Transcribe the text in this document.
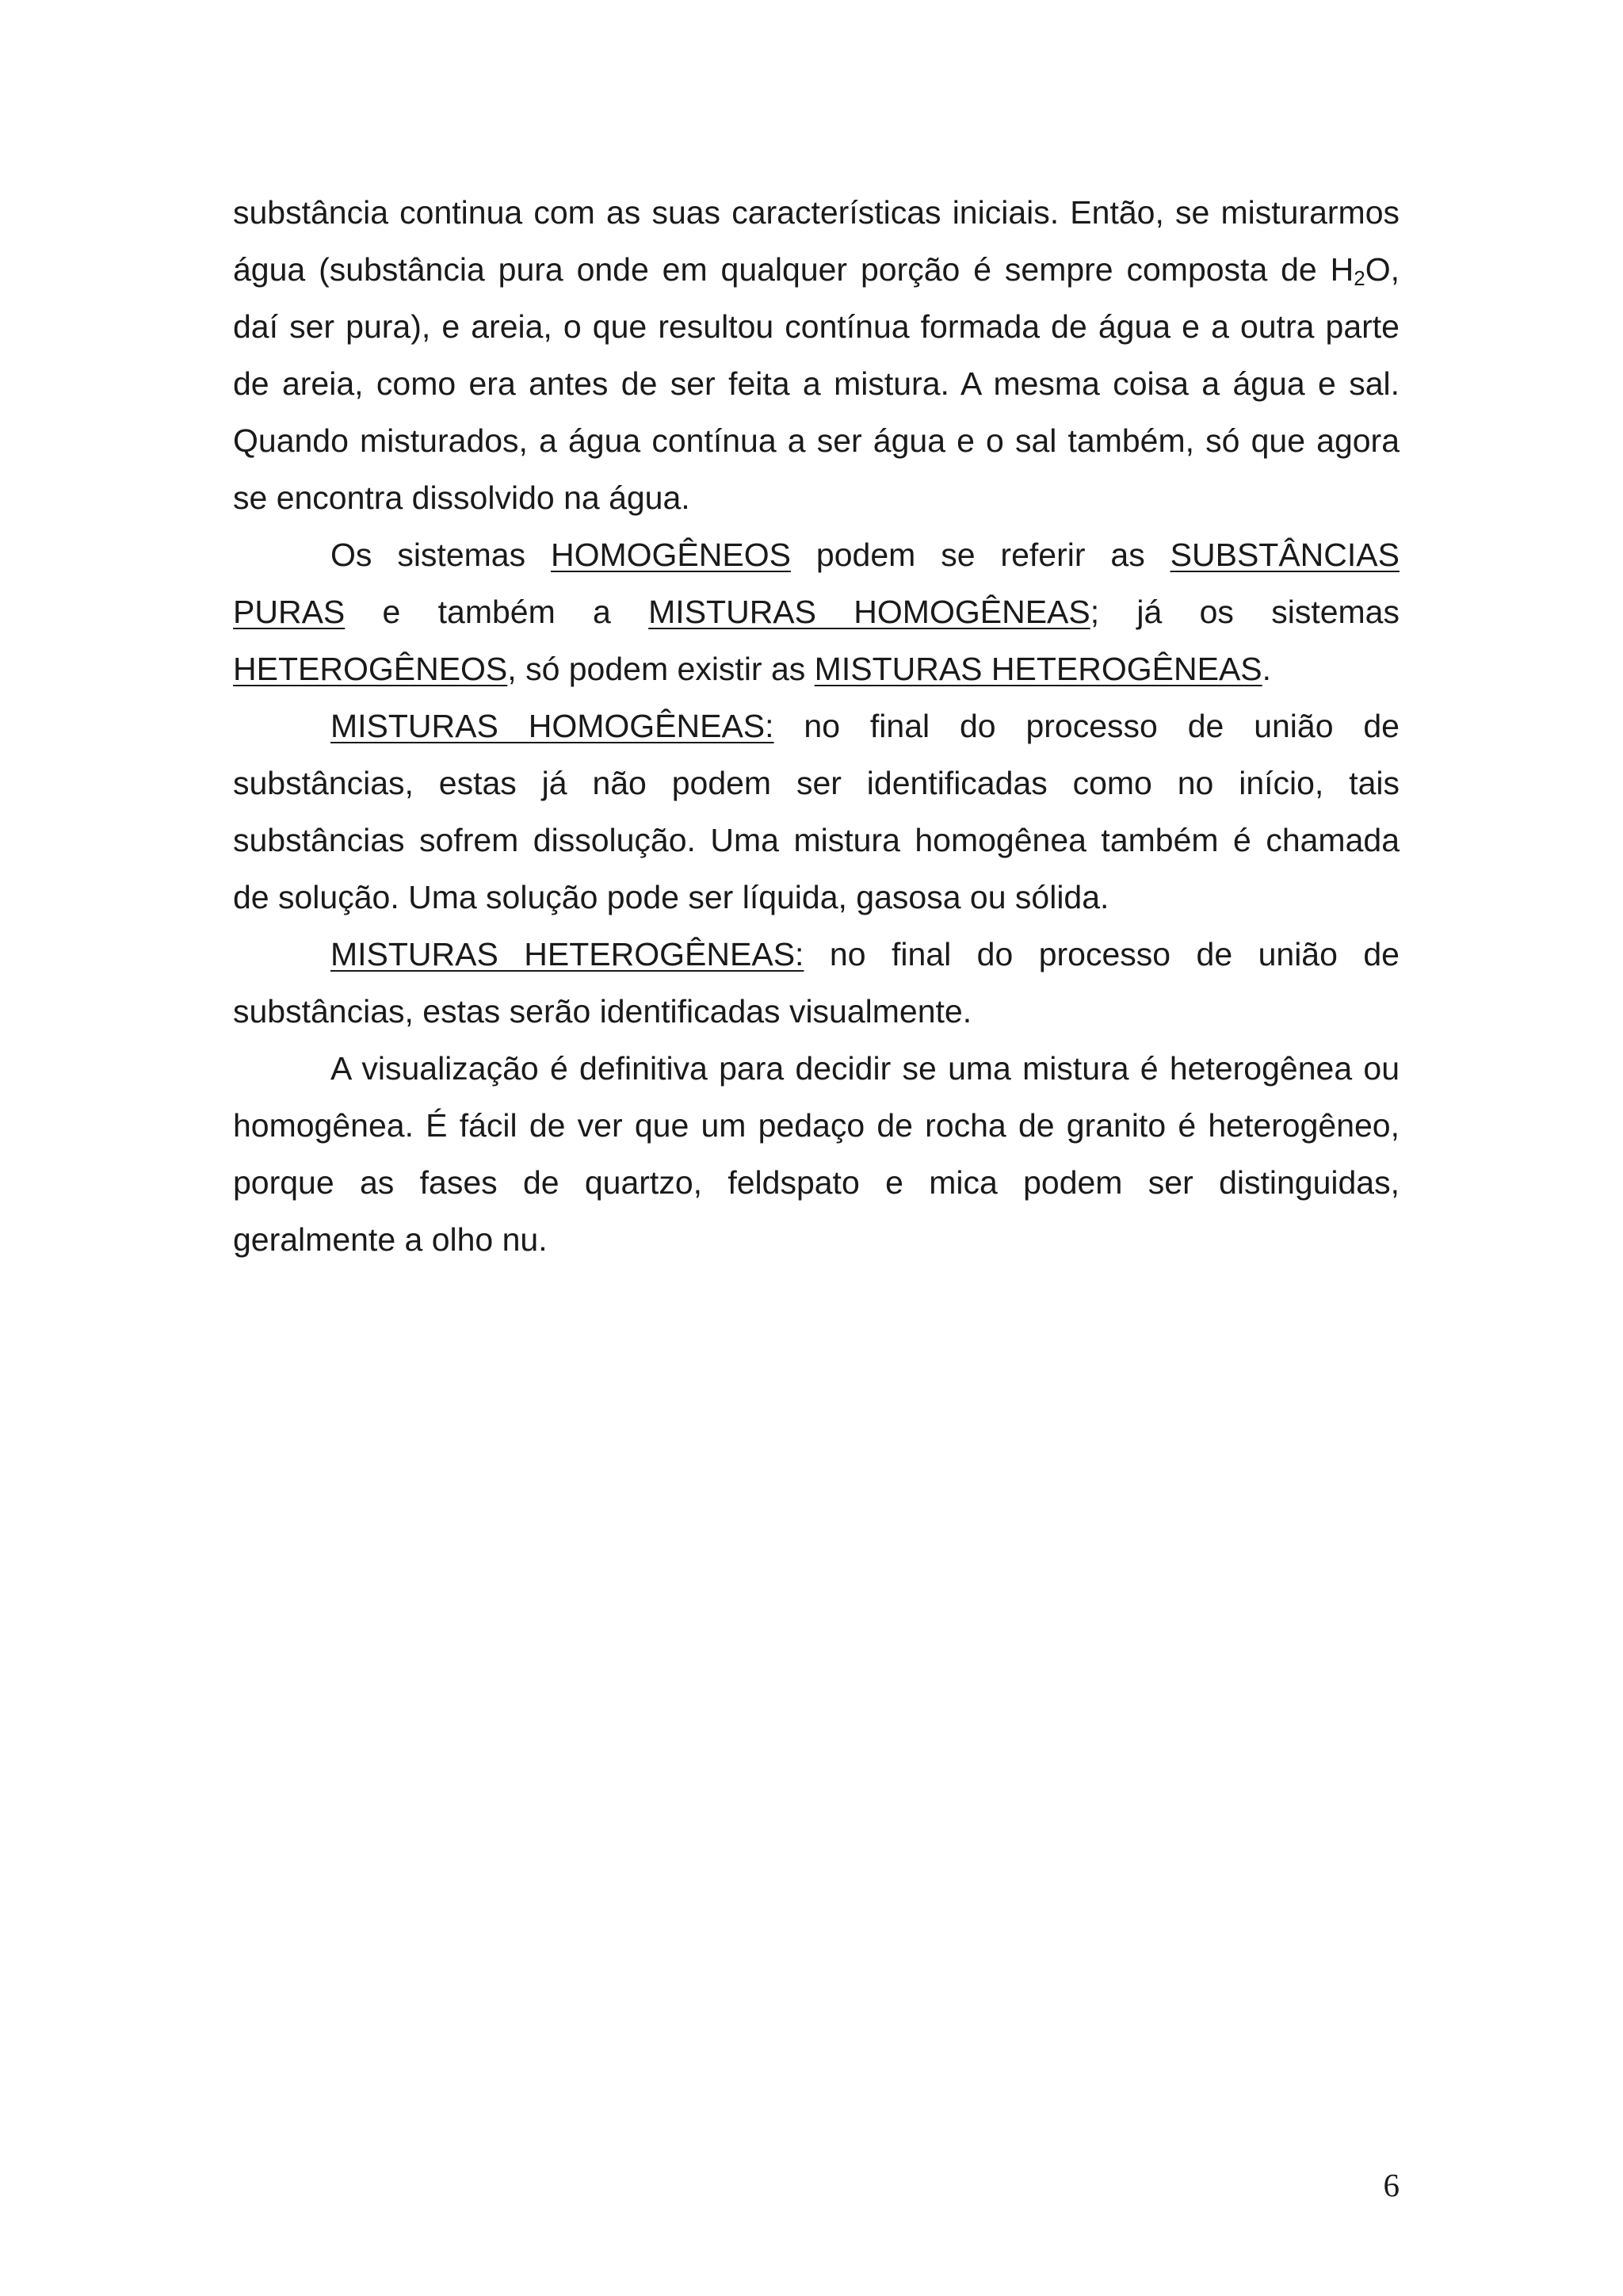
substância continua com as suas características iniciais. Então, se misturarmos água (substância pura onde em qualquer porção é sempre composta de $H_2O$, daí ser pura), e areia, o que resultou contínua formada de água e a outra parte de areia, como era antes de ser feita a mistura. A mesma coisa a água e sal. Quando misturados, a água contínua a ser água e o sal também, só que agora se encontra dissolvido na água.

Os sistemas HOMOGÊNEOS podem se referir as SUBSTÂNCIAS PURAS e também a MISTURAS HOMOGÊNEAS; já os sistemas HETEROGÊNEOS, só podem existir as MISTURAS HETEROGÊNEAS.

MISTURAS HOMOGÊNEAS: no final do processo de união de substâncias, estas já não podem ser identificadas como no início, tais substâncias sofrem dissolução. Uma mistura homogênea também é chamada de solução. Uma solução pode ser líquida, gasosa ou sólida.

MISTURAS HETEROGÊNEAS: no final do processo de união de substâncias, estas serão identificadas visualmente.

A visualização é definitiva para decidir se uma mistura é heterogênea ou homogênea. É fácil de ver que um pedaço de rocha de granito é heterogêneo, porque as fases de quartzo, feldspato e mica podem ser distinguidas, geralmente a olho nu.

6
